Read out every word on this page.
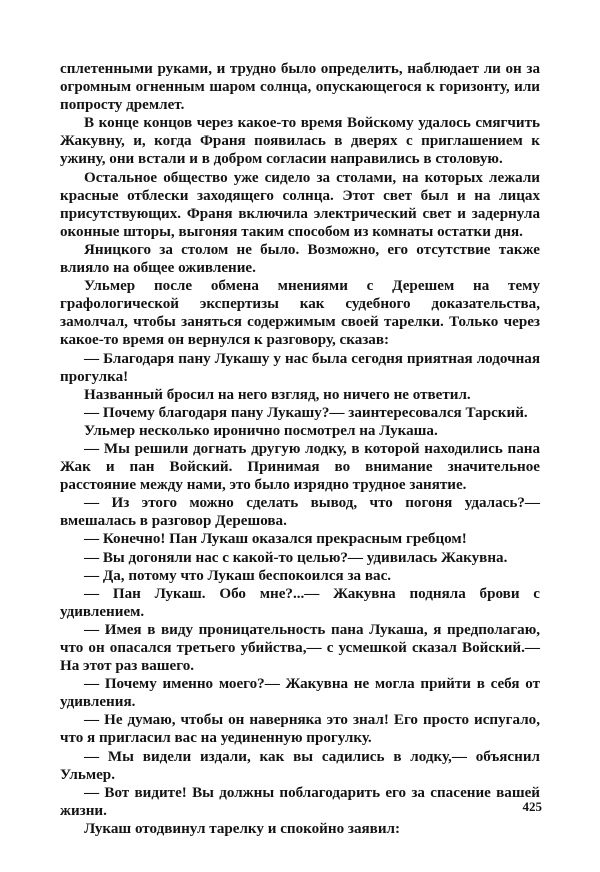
сплетенными руками, и трудно было определить, наблюдает ли он за огромным огненным шаром солнца, опускающегося к горизонту, или попросту дремлет.

В конце концов через какое-то время Войскому удалось смягчить Жакувну, и, когда Франя появилась в дверях с приглашением к ужину, они встали и в добром согласии направились в столовую.

Остальное общество уже сидело за столами, на которых лежали красные отблески заходящего солнца. Этот свет был и на лицах присутствующих. Франя включила электрический свет и задернула оконные шторы, выгоняя таким способом из комнаты остатки дня.

Яницкого за столом не было. Возможно, его отсутствие также влияло на общее оживление.

Ульмер после обмена мнениями с Дерешем на тему графологической экспертизы как судебного доказательства, замолчал, чтобы заняться содержимым своей тарелки. Только через какое-то время он вернулся к разговору, сказав:

— Благодаря пану Лукашу у нас была сегодня приятная лодочная прогулка!

Названный бросил на него взгляд, но ничего не ответил.

— Почему благодаря пану Лукашу?— заинтересовался Тарский.

Ульмер несколько иронично посмотрел на Лукаша.

— Мы решили догнать другую лодку, в которой находились пана Жак и пан Войский. Принимая во внимание значительное расстояние между нами, это было изрядно трудное занятие.

— Из этого можно сделать вывод, что погоня удалась?— вмешалась в разговор Дерешова.

— Конечно! Пан Лукаш оказался прекрасным гребцом!

— Вы догоняли нас с какой-то целью?— удивилась Жакувна.

— Да, потому что Лукаш беспокоился за вас.

— Пан Лукаш. Обо мне?...— Жакувна подняла брови с удивлением.

— Имея в виду проницательность пана Лукаша, я предполагаю, что он опасался третьего убийства,— с усмешкой сказал Войский.— На этот раз вашего.

— Почему именно моего?— Жакувна не могла прийти в себя от удивления.

— Не думаю, чтобы он наверняка это знал! Его просто испугало, что я пригласил вас на уединенную прогулку.

— Мы видели издали, как вы садились в лодку,— объяснил Ульмер.

— Вот видите! Вы должны поблагодарить его за спасение вашей жизни.

Лукаш отодвинул тарелку и спокойно заявил:

425
